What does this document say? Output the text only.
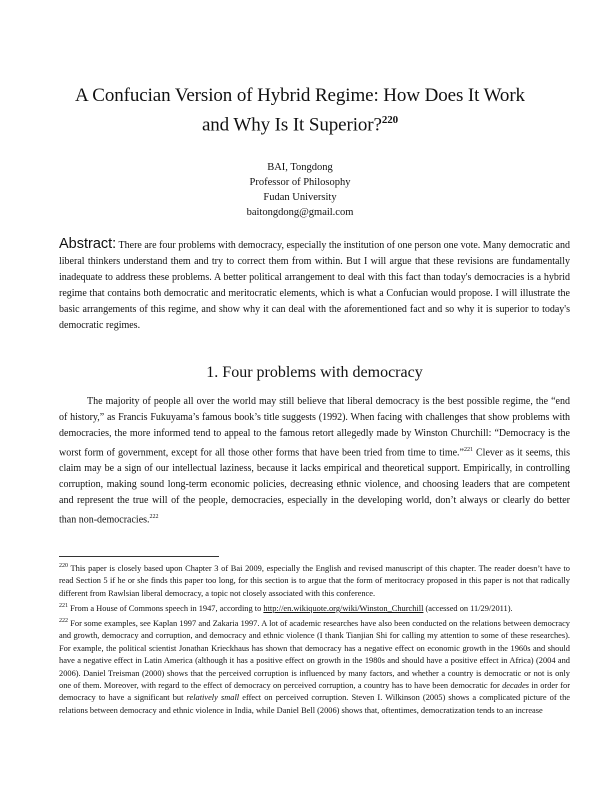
A Confucian Version of Hybrid Regime: How Does It Work
and Why Is It Superior?$^{220}$
BAI, Tongdong
Professor of Philosophy
Fudan University
baitongdong@gmail.com
Abstract: There are four problems with democracy, especially the institution of one person one vote. Many democratic and liberal thinkers understand them and try to correct them from within. But I will argue that these revisions are fundamentally inadequate to address these problems. A better political arrangement to deal with this fact than today's democracies is a hybrid regime that contains both democratic and meritocratic elements, which is what a Confucian would propose. I will illustrate the basic arrangements of this regime, and show why it can deal with the aforementioned fact and so why it is superior to today's democratic regimes.
1. Four problems with democracy
The majority of people all over the world may still believe that liberal democracy is the best possible regime, the “end of history,” as Francis Fukuyama’s famous book’s title suggests (1992). When facing with challenges that show problems with democracies, the more informed tend to appeal to the famous retort allegedly made by Winston Churchill: “Democracy is the worst form of government, except for all those other forms that have been tried from time to time.”$^{221}$ Clever as it seems, this claim may be a sign of our intellectual laziness, because it lacks empirical and theoretical support. Empirically, in controlling corruption, making sound long-term economic policies, decreasing ethnic violence, and choosing leaders that are competent and represent the true will of the people, democracies, especially in the developing world, don’t always or clearly do better than non-democracies.$^{222}$

$^{220}$ This paper is closely based upon Chapter 3 of Bai 2009, especially the English and revised manuscript of this chapter. The reader doesn’t have to read Section 5 if he or she finds this paper too long, for this section is to argue that the form of meritocracy proposed in this paper is not that radically different from Rawlsian liberal democracy, a topic not closely associated with this conference.

$^{221}$ From a House of Commons speech in 1947, according to http://en.wikiquote.org/wiki/Winston_Churchill (accessed on 11/29/2011).

$^{222}$ For some examples, see Kaplan 1997 and Zakaria 1997. A lot of academic researches have also been conducted on the relations between democracy and growth, democracy and corruption, and democracy and ethnic violence (I thank Tianjian Shi for calling my attention to some of these researches). For example, the political scientist Jonathan Krieckhaus has shown that democracy has a negative effect on economic growth in the 1960s and should have a negative effect in Latin America (although it has a positive effect on growth in the 1980s and should have a positive effect in Africa) (2004 and 2006). Daniel Treisman (2000) shows that the perceived corruption is influenced by many factors, and whether a country is democratic or not is only one of them. Moreover, with regard to the effect of democracy on perceived corruption, a country has to have been democratic for decades in order for democracy to have a significant but relatively small effect on perceived corruption. Steven I. Wilkinson (2005) shows a complicated picture of the relations between democracy and ethnic violence in India, while Daniel Bell (2006) shows that, oftentimes, democratization tends to an increase
